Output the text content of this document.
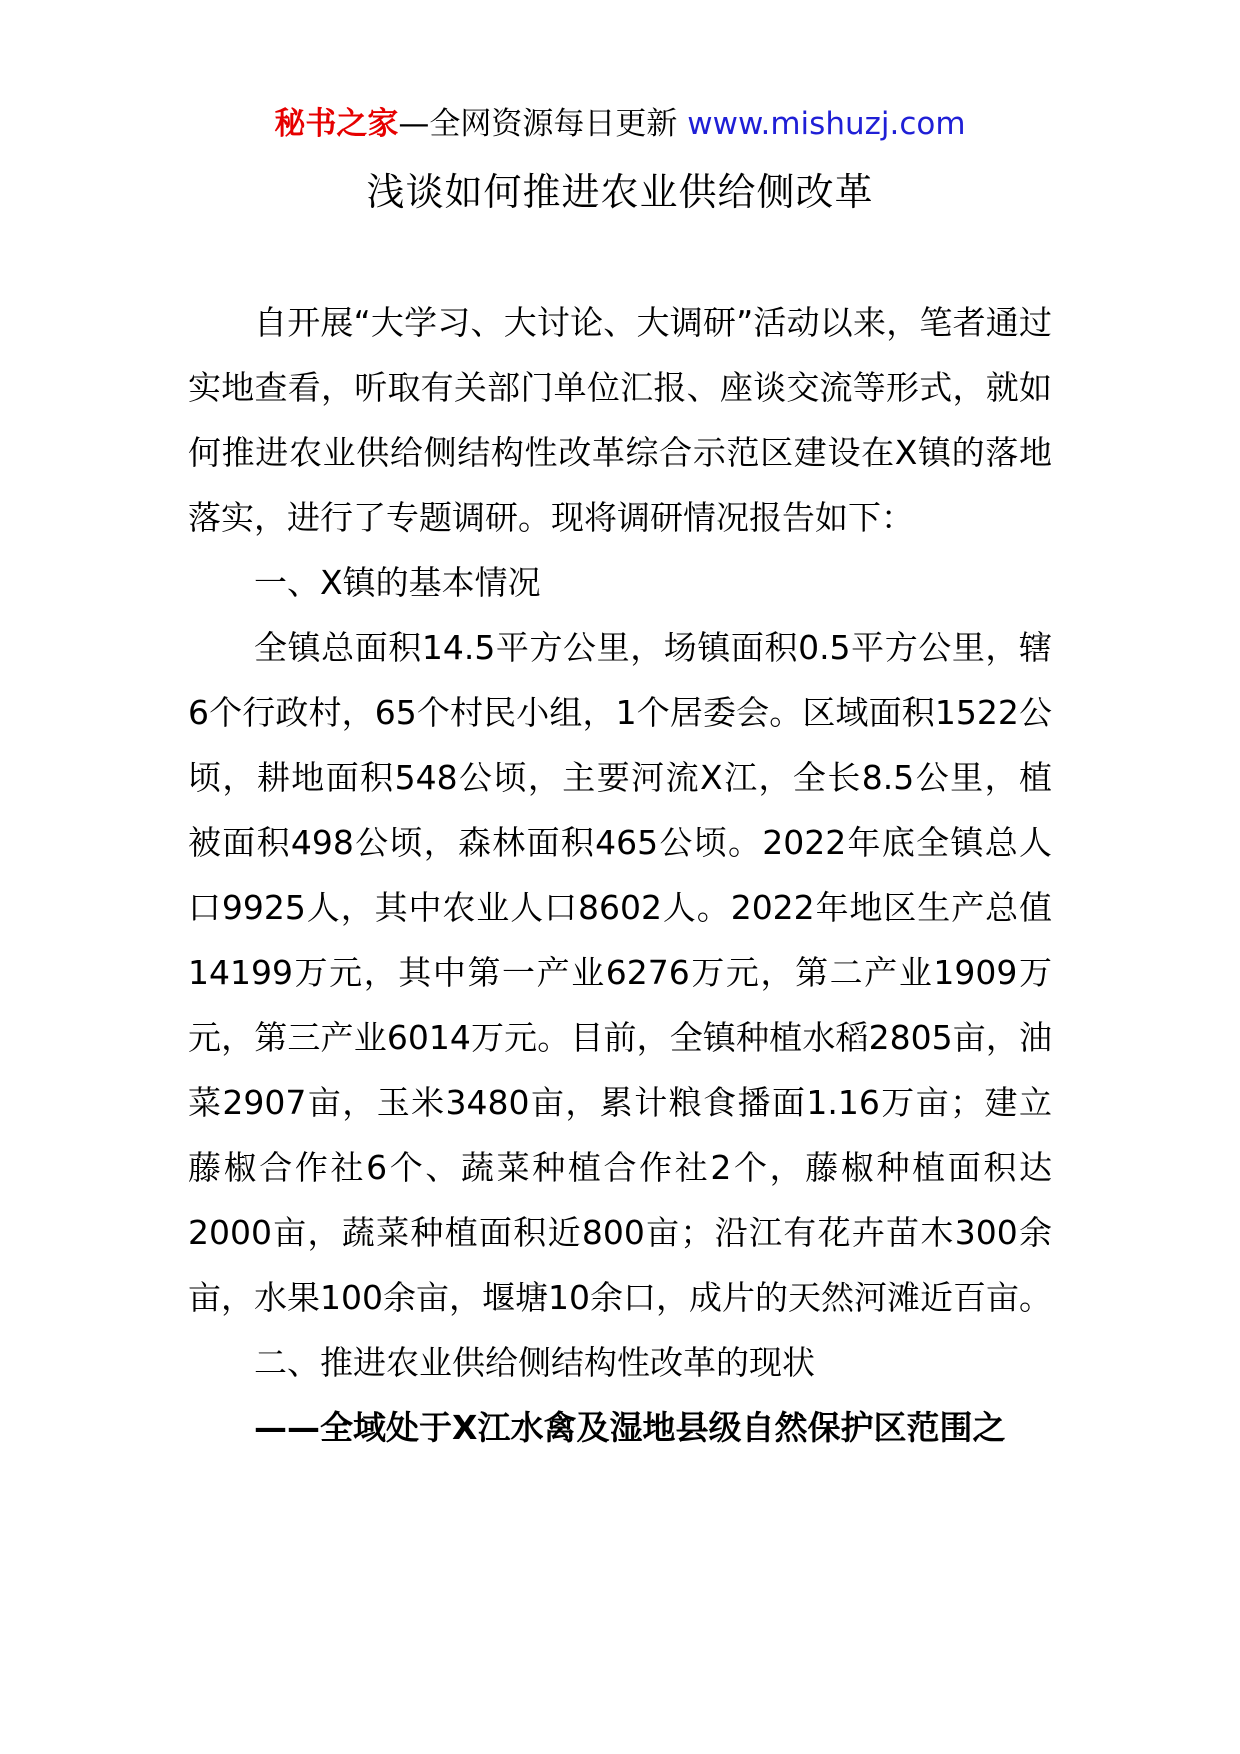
秘书之家—全网资源每日更新 www.mishuzj.com
浅谈如何推进农业供给侧改革

自开展“大学习、大讨论、大调研”活动以来，笔者通过实地查看，听取有关部门单位汇报、座谈交流等形式，就如何推进农业供给侧结构性改革综合示范区建设在X镇的落地落实，进行了专题调研。现将调研情况报告如下：

一、X镇的基本情况

全镇总面积14.5平方公里，场镇面积0.5平方公里，辖6个行政村，65个村民小组，1个居委会。区域面积1522公顷，耕地面积548公顷，主要河流X江，全长8.5公里，植被面积498公顷，森林面积465公顷。2022年底全镇总人口9925人，其中农业人口8602人。2022年地区生产总值14199万元，其中第一产业6276万元，第二产业1909万元，第三产业6014万元。目前，全镇种植水稻2805亩，油菜2907亩，玉米3480亩，累计粮食播面1.16万亩；建立藤椒合作社6个、蔬菜种植合作社2个，藤椒种植面积达2000亩，蔬菜种植面积近800亩；沿江有花卉苗木300余亩，水果100余亩，堰塘10余口，成片的天然河滩近百亩。

二、推进农业供给侧结构性改革的现状

——全域处于X江水禽及湿地县级自然保护区范围之
